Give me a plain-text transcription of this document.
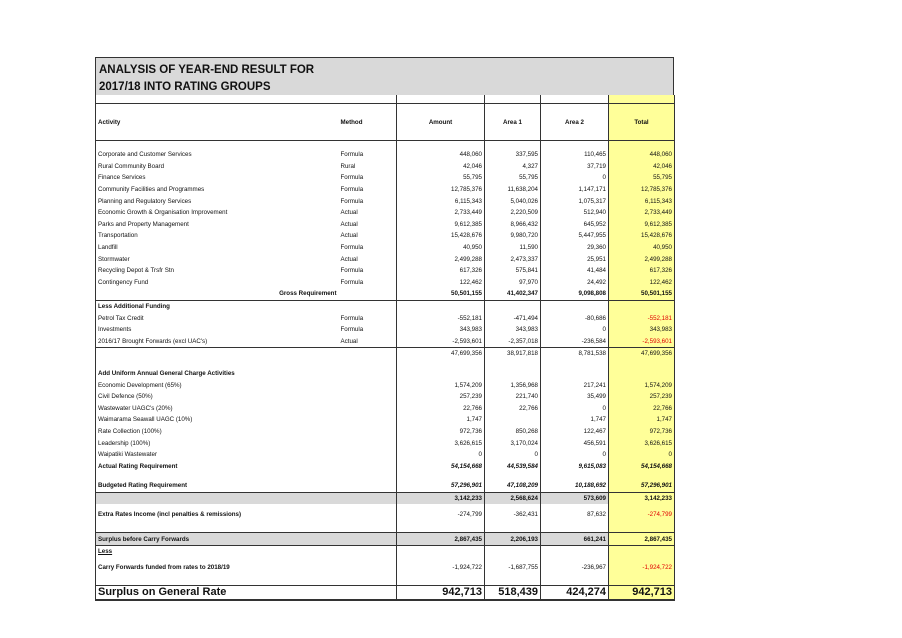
ANALYSIS OF YEAR-END RESULT FOR
2017/18 INTO RATING GROUPS

Activity	Method	Amount	Area 1	Area 2	Total

Corporate and Customer Services	Formula	448,060	337,595	110,465	448,060
Rural Community Board	Rural	42,046	4,327	37,719	42,046
Finance Services	Formula	55,795	55,795	0	55,795
Community Facilities and Programmes	Formula	12,785,376	11,638,204	1,147,171	12,785,376
Planning and Regulatory Services	Formula	6,115,343	5,040,026	1,075,317	6,115,343
Economic Growth & Organisation Improvement	Actual	2,733,449	2,220,509	512,940	2,733,449
Parks and Property Management	Actual	9,612,385	8,966,432	645,952	9,612,385
Transportation	Actual	15,428,676	9,980,720	5,447,955	15,428,676
Landfill	Formula	40,950	11,590	29,360	40,950
Stormwater	Actual	2,499,288	2,473,337	25,951	2,499,288
Recycling Depot & Trsfr Stn	Formula	617,326	575,841	41,484	617,326
Contingency Fund	Formula	122,462	97,970	24,492	122,462
Gross Requirement		50,501,155	41,402,347	9,098,808	50,501,155
Less Additional Funding					
Petrol Tax Credit	Formula	-552,181	-471,494	-80,686	-552,181
Investments	Formula	343,983	343,983	0	343,983
2016/17 Brought Forwards (excl UAC's)	Actual	-2,593,601	-2,357,018	-236,584	-2,593,601
		47,699,356	38,917,818	8,781,538	47,699,356

Add Uniform Annual General Charge Activities					
Economic Development (65%)		1,574,209	1,356,968	217,241	1,574,209
Civil Defence (50%)		257,239	221,740	35,499	257,239
Wastewater UAGC's (20%)		22,766	22,766	0	22,766
Waimarama Seawall UAGC (10%)		1,747		1,747	1,747
Rate Collection (100%)		972,736	850,268	122,467	972,736
Leadership (100%)		3,626,615	3,170,024	456,591	3,626,615
Waipatiki Wastewater		0	0	0	0
Actual Rating Requirement		54,154,668	44,539,584	9,615,083	54,154,668

Budgeted Rating Requirement		57,296,901	47,108,209	10,188,692	57,296,901
		3,142,233	2,568,624	573,609	3,142,233
Extra Rates Income (incl penalties & remissions)		-274,799	-362,431	87,632	-274,799

Surplus before Carry Forwards		2,867,435	2,206,193	661,241	2,867,435
Less					
Carry Forwards funded from rates to 2018/19		-1,924,722	-1,687,755	-236,967	-1,924,722

Surplus on General Rate		942,713	518,439	424,274	942,713
